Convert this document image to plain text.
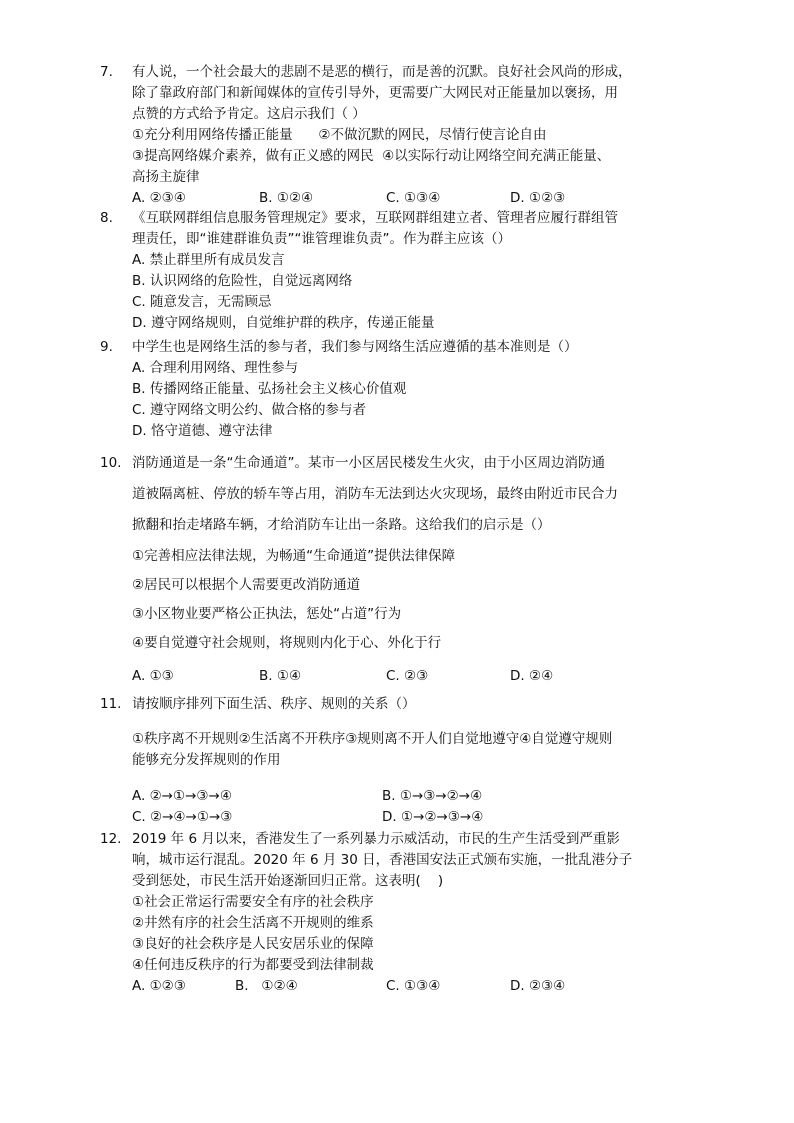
7.	有人说，一个社会最大的悲剧不是恶的横行，而是善的沉默。良好社会风尚的形成，
除了靠政府部门和新闻媒体的宣传引导外，更需要广大网民对正能量加以褒扬，用
点赞的方式给予肯定。这启示我们（ ）
①充分利用网络传播正能量      ②不做沉默的网民，尽情行使言论自由
③提高网络媒介素养，做有正义感的网民  ④以实际行动让网络空间充满正能量、
高扬主旋律
A. ②③④	B. ①②④	C. ①③④	D. ①②③
8.	《互联网群组信息服务管理规定》要求，互联网群组建立者、管理者应履行群组管
理责任，即“谁建群谁负责”“谁管理谁负责”。作为群主应该（）
A. 禁止群里所有成员发言
B. 认识网络的危险性，自觉远离网络
C. 随意发言，无需顾忌
D. 遵守网络规则，自觉维护群的秩序，传递正能量
9.	中学生也是网络生活的参与者，我们参与网络生活应遵循的基本准则是（）
A. 合理利用网络、理性参与
B. 传播网络正能量、弘扬社会主义核心价值观
C. 遵守网络文明公约、做合格的参与者
D. 恪守道德、遵守法律
10. 消防通道是一条“生命通道”。某市一小区居民楼发生火灾，由于小区周边消防通
道被隔离桩、停放的轿车等占用，消防车无法到达火灾现场，最终由附近市民合力
掀翻和抬走堵路车辆，才给消防车让出一条路。这给我们的启示是（）
①完善相应法律法规，为畅通“生命通道”提供法律保障
②居民可以根据个人需要更改消防通道
③小区物业要严格公正执法，惩处“占道”行为
④要自觉遵守社会规则，将规则内化于心、外化于行
A. ①③	B. ①④	C. ②③	D. ②④
11. 请按顺序排列下面生活、秩序、规则的关系（）
①秩序离不开规则②生活离不开秩序③规则离不开人们自觉地遵守④自觉遵守规则
能够充分发挥规则的作用
A. ②→①→③→④	B. ①→③→②→④
C. ②→④→①→③	D. ①→②→③→④
12. 2019 年 6 月以来，香港发生了一系列暴力示威活动，市民的生产生活受到严重影
响，城市运行混乱。2020 年 6 月 30 日，香港国安法正式颁布实施，一批乱港分子
受到惩处，市民生活开始逐渐回归正常。这表明(    )
①社会正常运行需要安全有序的社会秩序
②井然有序的社会生活离不开规则的维系
③良好的社会秩序是人民安居乐业的保障
④任何违反秩序的行为都要受到法律制裁
A. ①②③	B.   ①②④	C. ①③④	D. ②③④
